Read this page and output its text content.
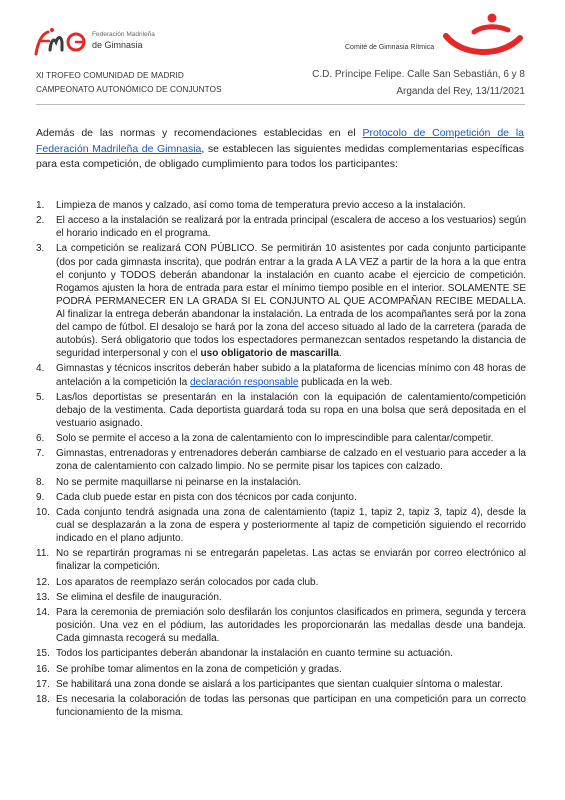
Federación Madrileña
de Gimnasia	Comité de Gimnasia Rítmica
XI TROFEO COMUNIDAD DE MADRID
CAMPEONATO AUTONÓMICO DE CONJUNTOS
C.D. Príncipe Felipe. Calle San Sebastián, 6 y 8
Arganda del Rey, 13/11/2021

Además de las normas y recomendaciones establecidas en el Protocolo de Competición de la Federación Madrileña de Gimnasia, se establecen las siguientes medidas complementarias específicas para esta competición, de obligado cumplimiento para todos los participantes:

1. Limpieza de manos y calzado, así como toma de temperatura previo acceso a la instalación.
2. El acceso a la instalación se realizará por la entrada principal (escalera de acceso a los vestuarios) según el horario indicado en el programa.
3. La competición se realizará CON PÚBLICO. Se permitirán 10 asistentes por cada conjunto participante (dos por cada gimnasta inscrita), que podrán entrar a la grada A LA VEZ a partir de la hora a la que entra el conjunto y TODOS deberán abandonar la instalación en cuanto acabe el ejercicio de competición. Rogamos ajusten la hora de entrada para estar el mínimo tiempo posible en el interior. SOLAMENTE SE PODRÁ PERMANECER EN LA GRADA SI EL CONJUNTO AL QUE ACOMPAÑAN RECIBE MEDALLA. Al finalizar la entrega deberán abandonar la instalación. La entrada de los acompañantes será por la zona del campo de fútbol. El desalojo se hará por la zona del acceso situado al lado de la carretera (parada de autobús). Será obligatorio que todos los espectadores permanezcan sentados respetando la distancia de seguridad interpersonal y con el uso obligatorio de mascarilla.
4. Gimnastas y técnicos inscritos deberán haber subido a la plataforma de licencias mínimo con 48 horas de antelación a la competición la declaración responsable publicada en la web.
5. Las/los deportistas se presentarán en la instalación con la equipación de calentamiento/competición debajo de la vestimenta. Cada deportista guardará toda su ropa en una bolsa que será depositada en el vestuario asignado.
6. Solo se permite el acceso a la zona de calentamiento con lo imprescindible para calentar/competir.
7. Gimnastas, entrenadoras y entrenadores deberán cambiarse de calzado en el vestuario para acceder a la zona de calentamiento con calzado limpio. No se permite pisar los tapices con calzado.
8. No se permite maquillarse ni peinarse en la instalación.
9. Cada club puede estar en pista con dos técnicos por cada conjunto.
10. Cada conjunto tendrá asignada una zona de calentamiento (tapiz 1, tapiz 2, tapiz 3, tapiz 4), desde la cual se desplazarán a la zona de espera y posteriormente al tapiz de competición siguiendo el recorrido indicado en el plano adjunto.
11. No se repartirán programas ni se entregarán papeletas. Las actas se enviarán por correo electrónico al finalizar la competición.
12. Los aparatos de reemplazo serán colocados por cada club.
13. Se elimina el desfile de inauguración.
14. Para la ceremonia de premiación solo desfilarán los conjuntos clasificados en primera, segunda y tercera posición. Una vez en el pódium, las autoridades les proporcionarán las medallas desde una bandeja. Cada gimnasta recogerá su medalla.
15. Todos los participantes deberán abandonar la instalación en cuanto termine su actuación.
16. Se prohíbe tomar alimentos en la zona de competición y gradas.
17. Se habilitará una zona donde se aislará a los participantes que sientan cualquier síntoma o malestar.
18. Es necesaria la colaboración de todas las personas que participan en una competición para un correcto funcionamiento de la misma.
